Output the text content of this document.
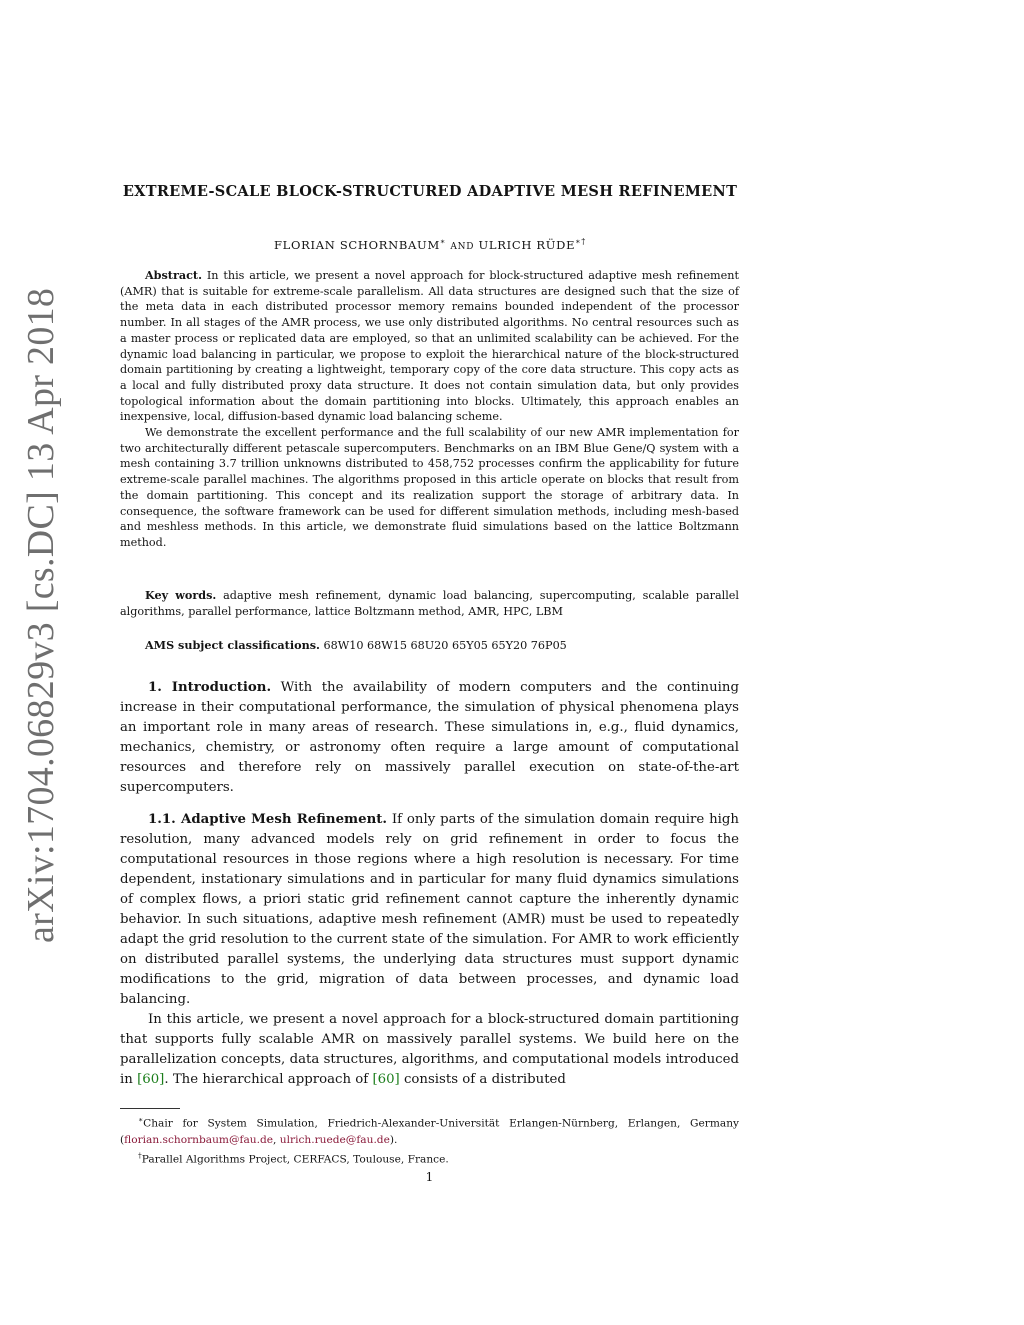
arXiv:1704.06829v3 [cs.DC] 13 Apr 2018
EXTREME-SCALE BLOCK-STRUCTURED ADAPTIVE MESH REFINEMENT
FLORIAN SCHORNBAUM∗ AND ULRICH RÜDE∗†

Abstract. In this article, we present a novel approach for block-structured adaptive mesh refinement (AMR) that is suitable for extreme-scale parallelism. All data structures are designed such that the size of the meta data in each distributed processor memory remains bounded independent of the processor number. In all stages of the AMR process, we use only distributed algorithms. No central resources such as a master process or replicated data are employed, so that an unlimited scalability can be achieved. For the dynamic load balancing in particular, we propose to exploit the hierarchical nature of the block-structured domain partitioning by creating a lightweight, temporary copy of the core data structure. This copy acts as a local and fully distributed proxy data structure. It does not contain simulation data, but only provides topological information about the domain partitioning into blocks. Ultimately, this approach enables an inexpensive, local, diffusion-based dynamic load balancing scheme.

We demonstrate the excellent performance and the full scalability of our new AMR implementation for two architecturally different petascale supercomputers. Benchmarks on an IBM Blue Gene/Q system with a mesh containing 3.7 trillion unknowns distributed to 458,752 processes confirm the applicability for future extreme-scale parallel machines. The algorithms proposed in this article operate on blocks that result from the domain partitioning. This concept and its realization support the storage of arbitrary data. In consequence, the software framework can be used for different simulation methods, including mesh-based and meshless methods. In this article, we demonstrate fluid simulations based on the lattice Boltzmann method.

Key words. adaptive mesh refinement, dynamic load balancing, supercomputing, scalable parallel algorithms, parallel performance, lattice Boltzmann method, AMR, HPC, LBM

AMS subject classifications. 68W10 68W15 68U20 65Y05 65Y20 76P05

1. Introduction. With the availability of modern computers and the continuing increase in their computational performance, the simulation of physical phenomena plays an important role in many areas of research. These simulations in, e.g., fluid dynamics, mechanics, chemistry, or astronomy often require a large amount of computational resources and therefore rely on massively parallel execution on state-of-the-art supercomputers.

1.1. Adaptive Mesh Refinement. If only parts of the simulation domain require high resolution, many advanced models rely on grid refinement in order to focus the computational resources in those regions where a high resolution is necessary. For time dependent, instationary simulations and in particular for many fluid dynamics simulations of complex flows, a priori static grid refinement cannot capture the inherently dynamic behavior. In such situations, adaptive mesh refinement (AMR) must be used to repeatedly adapt the grid resolution to the current state of the simulation. For AMR to work efficiently on distributed parallel systems, the underlying data structures must support dynamic modifications to the grid, migration of data between processes, and dynamic load balancing.

In this article, we present a novel approach for a block-structured domain partitioning that supports fully scalable AMR on massively parallel systems. We build here on the parallelization concepts, data structures, algorithms, and computational models introduced in [60]. The hierarchical approach of [60] consists of a distributed

∗Chair for System Simulation, Friedrich-Alexander-Universität Erlangen-Nürnberg, Erlangen, Germany (florian.schornbaum@fau.de, ulrich.ruede@fau.de).

†Parallel Algorithms Project, CERFACS, Toulouse, France.

1
